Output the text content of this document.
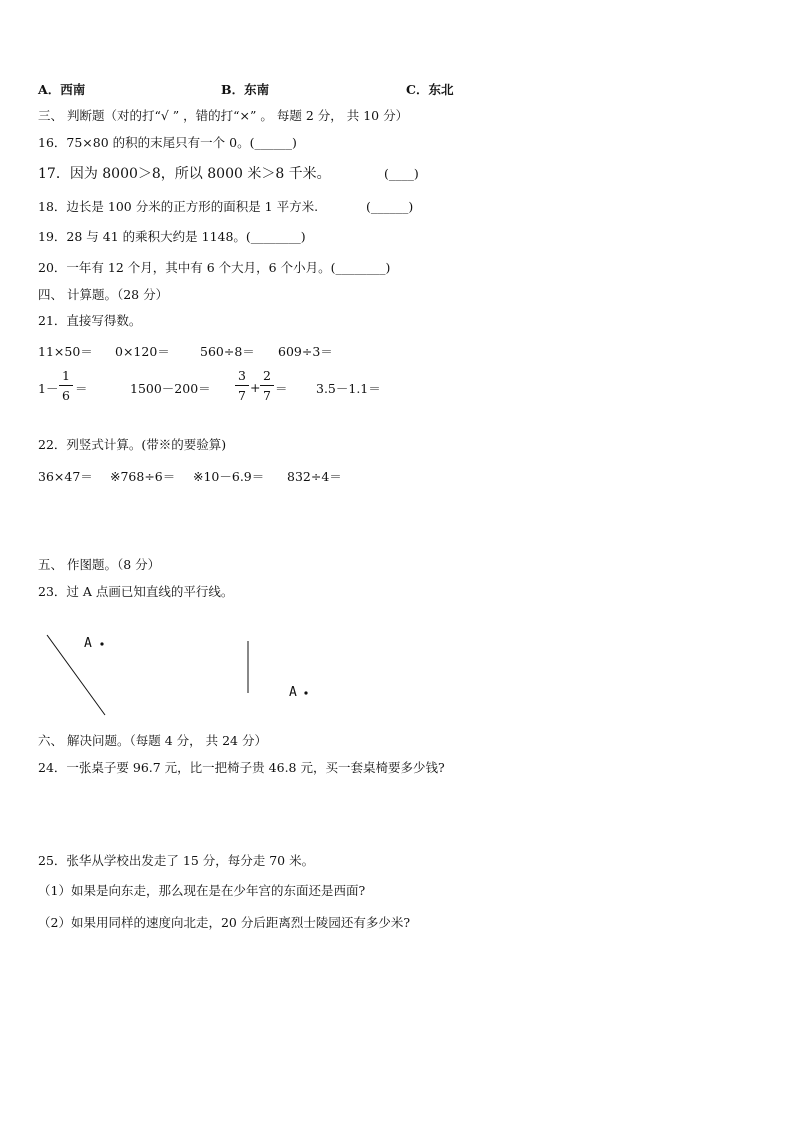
A．西南	B．东南	C．东北
三、 判断题（对的打“√ ” ，错的打“×” 。 每题 2 分， 共 10 分）
16．75×80 的积的末尾只有一个 0。(______)
17．因为 8000＞8，所以 8000 米＞8 千米。	(____)
18．边长是 100 分米的正方形的面积是 1 平方米.	(______)
19．28 与 41 的乘积大约是 1148。(________)
20．一年有 12 个月，其中有 6 个大月，6 个小月。(________)
四、 计算题。（28 分）
21．直接写得数。
11×50＝ 0×120＝ 560÷8＝ 609÷3＝
1－
1
6 ＝	1500－200＝
3
7
+
2
7 ＝ 3.5－1.1＝
22．列竖式计算。(带※的要验算)
36×47＝ ※768÷6＝ ※10－6.9＝ 832÷4＝
五、 作图题。（8 分）
23．过 A 点画已知直线的平行线。
A
A
六、 解决问题。（每题 4 分， 共 24 分）
24．一张桌子要 96.7 元，比一把椅子贵 46.8 元，买一套桌椅要多少钱?
25．张华从学校出发走了 15 分，每分走 70 米。
（1）如果是向东走，那么现在是在少年宫的东面还是西面?
（2）如果用同样的速度向北走，20 分后距离烈士陵园还有多少米?
